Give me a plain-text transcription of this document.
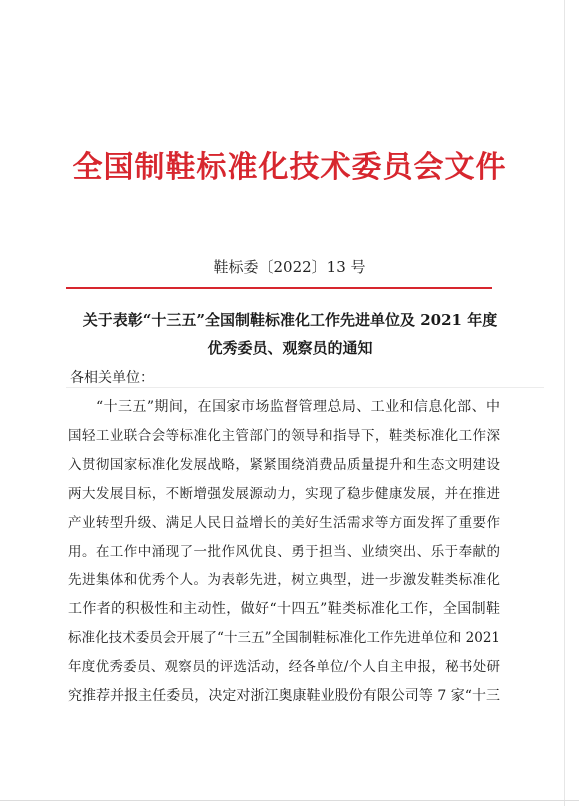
全国制鞋标准化技术委员会文件
鞋标委〔2022〕13 号
关于表彰“十三五”全国制鞋标准化工作先进单位及 2021 年度
优秀委员、观察员的通知
各相关单位：
“十三五”期间，在国家市场监督管理总局、工业和信息化部、中
国轻工业联合会等标准化主管部门的领导和指导下，鞋类标准化工作深
入贯彻国家标准化发展战略，紧紧围绕消费品质量提升和生态文明建设
两大发展目标，不断增强发展源动力，实现了稳步健康发展，并在推进
产业转型升级、满足人民日益增长的美好生活需求等方面发挥了重要作
用。在工作中涌现了一批作风优良、勇于担当、业绩突出、乐于奉献的
先进集体和优秀个人。为表彰先进，树立典型，进一步激发鞋类标准化
工作者的积极性和主动性，做好“十四五”鞋类标准化工作，全国制鞋
标准化技术委员会开展了“十三五”全国制鞋标准化工作先进单位和 2021
年度优秀委员、观察员的评选活动，经各单位/个人自主申报，秘书处研
究推荐并报主任委员，决定对浙江奥康鞋业股份有限公司等 7 家“十三
